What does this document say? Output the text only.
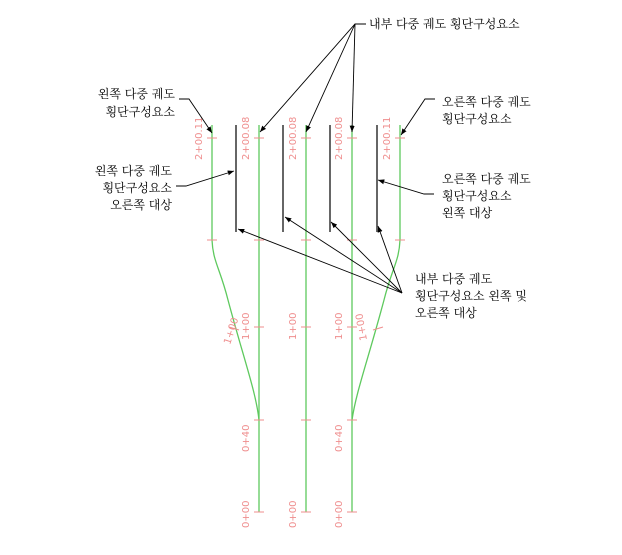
2+00.11	2+00.08	2+00.08	2+00.08	2+00.11
1+00 1+00	1+00	1+00 1+00
0+40	0+40
0+00	0+00	0+00
내부 다중 궤도 횡단구성요소
왼쪽 다중 궤도
횡단구성요소
오른쪽 다중 궤도
횡단구성요소
왼쪽 다중 궤도
횡단구성요소
오른쪽 대상
오른쪽 다중 궤도
횡단구성요소
왼쪽 대상
내부 다중 궤도
횡단구성요소 왼쪽 및
오른쪽 대상
